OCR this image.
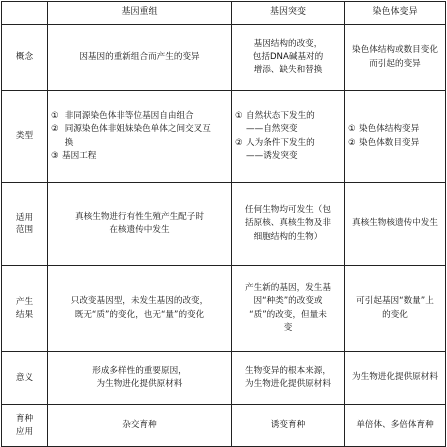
	基因重组	基因突变	染色体变异

概念	因基因的重新组合而产生的变异	基因结构的改变，
包括DNA碱基对的
增添、缺失和替换	染色体结构或数目变化
而引起的变异

类型	① 非同源染色体非等位基因自由组合
② 同源染色体非姐妹染色单体之间交叉互
换
③ 基因工程	① 自然状态下发生的
——自然突变
② 人为条件下发生的
——诱发突变	① 染色体结构变异
② 染色体数目变异

适用
范围	真核生物进行有性生殖产生配子时
在核遗传中发生	任何生物均可发生（包
括原核、真核生物及非
细胞结构的生物）	真核生物核遗传中发生

产生
结果	只改变基因型，未发生基因的改变，
既无“质”的变化，也无“量”的变化	产生新的基因，发生基
因“种类”的改变或
“质”的改变，但量未
变	可引起基因“数量”上
的变化

意义	形成多样性的重要原因，
为生物进化提供原材料	生物变异的根本来源，
为生物进化提供原材料	为生物进化提供原材料

育种
应用	杂交育种	诱变育种	单倍体、多倍体育种
